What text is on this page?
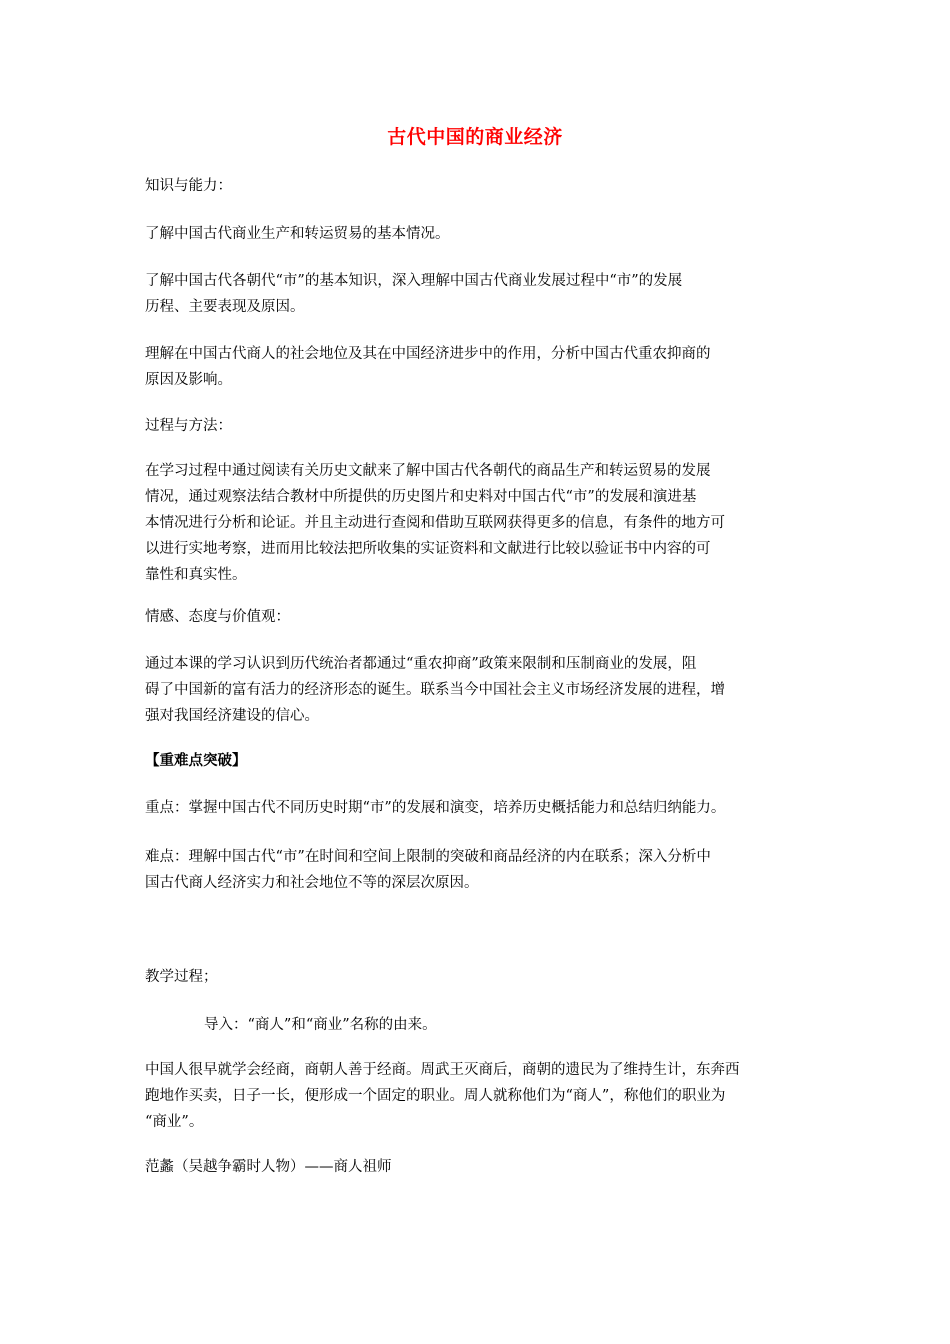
古代中国的商业经济
知识与能力：
了解中国古代商业生产和转运贸易的基本情况。
了解中国古代各朝代“市”的基本知识，深入理解中国古代商业发展过程中“市”的发展
历程、主要表现及原因。
理解在中国古代商人的社会地位及其在中国经济进步中的作用，分析中国古代重农抑商的
原因及影响。
过程与方法：
在学习过程中通过阅读有关历史文献来了解中国古代各朝代的商品生产和转运贸易的发展
情况，通过观察法结合教材中所提供的历史图片和史料对中国古代“市”的发展和演进基
本情况进行分析和论证。并且主动进行查阅和借助互联网获得更多的信息，有条件的地方可
以进行实地考察，进而用比较法把所收集的实证资料和文献进行比较以验证书中内容的可
靠性和真实性。
情感、态度与价值观：
通过本课的学习认识到历代统治者都通过“重农抑商”政策来限制和压制商业的发展，阻
碍了中国新的富有活力的经济形态的诞生。联系当今中国社会主义市场经济发展的进程，增
强对我国经济建设的信心。
【重难点突破】
重点：掌握中国古代不同历史时期“市”的发展和演变，培养历史概括能力和总结归纳能力。
难点：理解中国古代“市”在时间和空间上限制的突破和商品经济的内在联系；深入分析中
国古代商人经济实力和社会地位不等的深层次原因。
教学过程；
导入：“商人”和“商业”名称的由来。
中国人很早就学会经商，商朝人善于经商。周武王灭商后，商朝的遗民为了维持生计，东奔西
跑地作买卖，日子一长，便形成一个固定的职业。周人就称他们为“商人”，称他们的职业为
“商业”。
范蠡（吴越争霸时人物）——商人祖师
